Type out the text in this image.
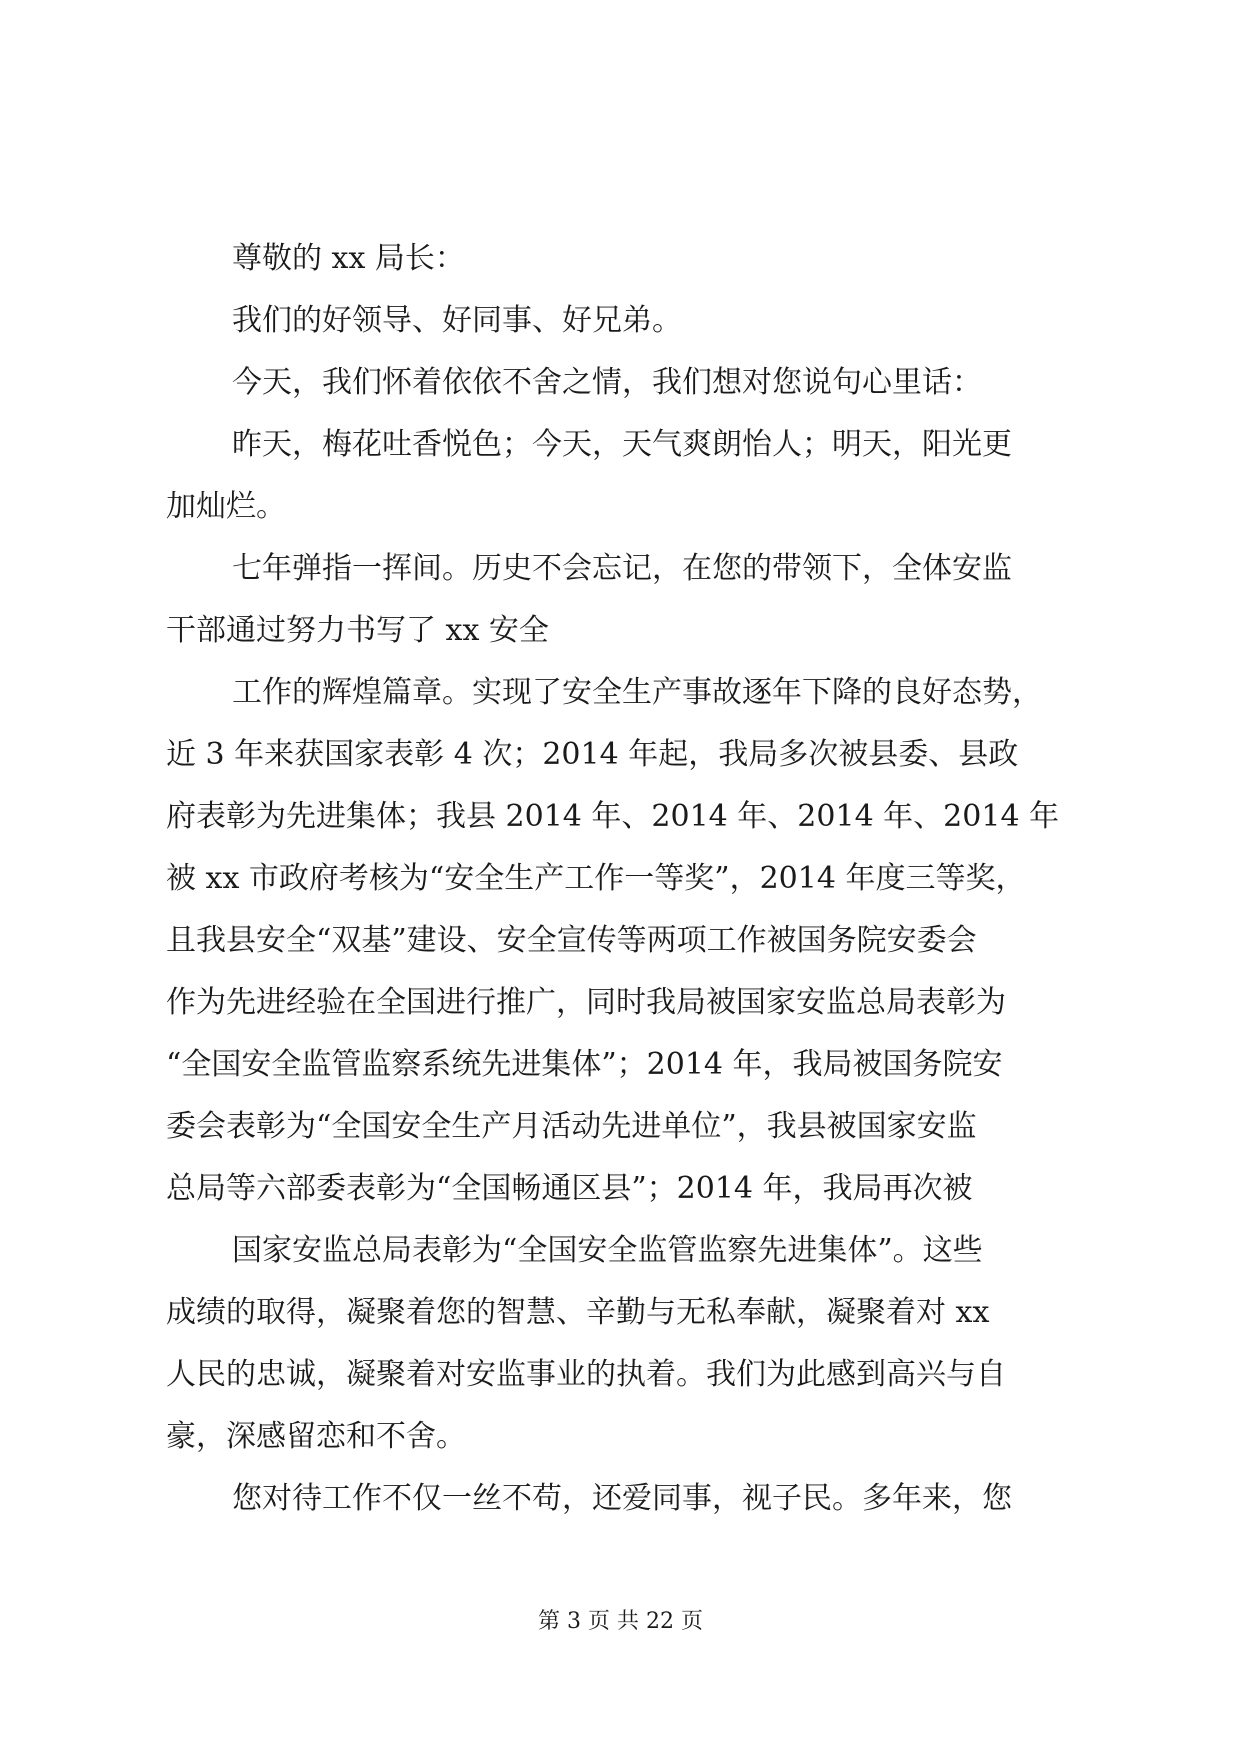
尊敬的 xx 局长：
我们的好领导、好同事、好兄弟。
今天，我们怀着依依不舍之情，我们想对您说句心里话：
昨天，梅花吐香悦色；今天，天气爽朗怡人；明天，阳光更
加灿烂。
七年弹指一挥间。历史不会忘记，在您的带领下，全体安监
干部通过努力书写了 xx 安全
工作的辉煌篇章。实现了安全生产事故逐年下降的良好态势，
近 3 年来获国家表彰 4 次；2014 年起，我局多次被县委、县政
府表彰为先进集体；我县 2014 年、2014 年、2014 年、2014 年
被 xx 市政府考核为“安全生产工作一等奖”，2014 年度三等奖，
且我县安全“双基”建设、安全宣传等两项工作被国务院安委会
作为先进经验在全国进行推广，同时我局被国家安监总局表彰为
“全国安全监管监察系统先进集体”；2014 年，我局被国务院安
委会表彰为“全国安全生产月活动先进单位”，我县被国家安监
总局等六部委表彰为“全国畅通区县”；2014 年，我局再次被
国家安监总局表彰为“全国安全监管监察先进集体”。这些
成绩的取得，凝聚着您的智慧、辛勤与无私奉献，凝聚着对 xx
人民的忠诚，凝聚着对安监事业的执着。我们为此感到高兴与自
豪，深感留恋和不舍。
您对待工作不仅一丝不苟，还爱同事，视子民。多年来，您
第 3 页 共 22 页
